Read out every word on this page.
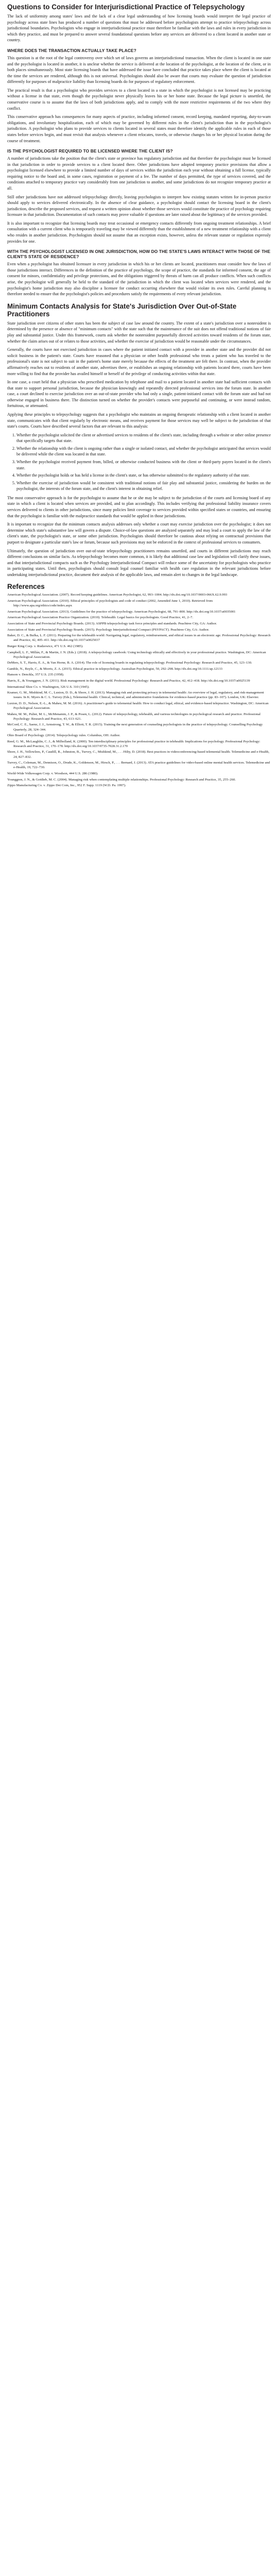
Questions to Consider for Interjurisdictional Practice of Telepsychology

The lack of uniformity among states' laws and the lack of a clear legal understanding of how licensing boards would interpret the legal practice of psychology across state lines has produced a number of questions that must be addressed before psychologists attempt to practice telepsychology across jurisdictional boundaries. Psychologists who engage in interjurisdictional practice must therefore be familiar with the laws and rules in every jurisdiction in which they practice, and must be prepared to answer several foundational questions before any services are delivered to a client located in another state or country.

WHERE DOES THE TRANSACTION ACTUALLY TAKE PLACE?

This question is at the root of the legal controversy over which set of laws governs an interjurisdictional transaction. When the client is located in one state and the psychologist is located in another, it is unclear whether the service is delivered at the location of the psychologist, at the location of the client, or in both places simultaneously. Most state licensing boards that have addressed the issue have concluded that practice takes place where the client is located at the time the services are rendered, although this is not universal. Psychologists should also be aware that courts may evaluate the question of jurisdiction differently for purposes of malpractice liability than licensing boards do for purposes of regulatory enforcement.

The practical result is that a psychologist who provides services to a client located in a state in which the psychologist is not licensed may be practicing without a license in that state, even though the psychologist never physically leaves his or her home state. Because the legal picture is unsettled, the conservative course is to assume that the laws of both jurisdictions apply, and to comply with the more restrictive requirements of the two where they conflict.

This conservative approach has consequences for many aspects of practice, including informed consent, record keeping, mandated reporting, duty-to-warn obligations, and involuntary hospitalization, each of which may be governed by different rules in the client's jurisdiction than in the psychologist's jurisdiction. A psychologist who plans to provide services to clients located in several states must therefore identify the applicable rules in each of those states before services begin, and must revisit that analysis whenever a client relocates, travels, or otherwise changes his or her physical location during the course of treatment.

IS THE PSYCHOLOGIST REQUIRED TO BE LICENSED WHERE THE CLIENT IS?

A number of jurisdictions take the position that the client's state or province has regulatory jurisdiction and that therefore the psychologist must be licensed in that jurisdiction in order to provide services to a client located there. Other jurisdictions have adopted temporary practice provisions that allow a psychologist licensed elsewhere to provide a limited number of days of services within the jurisdiction each year without obtaining a full license, typically requiring notice to the board and, in some cases, registration or payment of a fee. The number of days permitted, the type of services covered, and the conditions attached to temporary practice vary considerably from one jurisdiction to another, and some jurisdictions do not recognize temporary practice at all.

Still other jurisdictions have not addressed telepsychology directly, leaving psychologists to interpret how existing statutes written for in-person practice should apply to services delivered electronically. In the absence of clear guidance, a psychologist should contact the licensing board in the client's jurisdiction, describe the proposed services, and request a written opinion about whether those services would constitute the practice of psychology requiring licensure in that jurisdiction. Documentation of such contacts may prove valuable if questions are later raised about the legitimacy of the services provided.

It is also important to recognize that licensing boards may treat occasional or emergency contacts differently from ongoing treatment relationships. A brief consultation with a current client who is temporarily traveling may be viewed differently than the establishment of a new treatment relationship with a client who resides in another jurisdiction. Psychologists should not assume that an exception exists, however, unless the relevant statute or regulation expressly provides for one.

WITH THE PSYCHOLOGIST LICENSED IN ONE JURISDICTION, HOW DO THE STATE'S LAWS INTERACT WITH THOSE OF THE CLIENT'S STATE OF RESIDENCE?

Even when a psychologist has obtained licensure in every jurisdiction in which his or her clients are located, practitioners must consider how the laws of those jurisdictions interact. Differences in the definition of the practice of psychology, the scope of practice, the standards for informed consent, the age of consent for minors, confidentiality and privilege protections, and the obligations triggered by threats of harm can all produce conflicts. When such conflicts arise, the psychologist will generally be held to the standard of the jurisdiction in which the client was located when services were rendered, and the psychologist's home jurisdiction may also discipline a licensee for conduct occurring elsewhere that would violate its own rules. Careful planning is therefore needed to ensure that the psychologist's policies and procedures satisfy the requirements of every relevant jurisdiction.

Minimum Contacts Analysis for State's Jurisdiction Over Out-of-State Practitioners

State jurisdiction over citizens of other states has been the subject of case law around the country. The extent of a state's jurisdiction over a nonresident is determined by the presence or absence of "minimum contacts" with the state such that the maintenance of the suit does not offend traditional notions of fair play and substantial justice. Under this framework, courts ask whether the nonresident purposefully directed activities toward residents of the forum state, whether the claim arises out of or relates to those activities, and whether the exercise of jurisdiction would be reasonable under the circumstances.

Generally, the courts have not exercised jurisdiction in cases where the patient initiated contact with a provider in another state and the provider did not solicit business in the patient's state. Courts have reasoned that a physician or other health professional who treats a patient who has traveled to the professional's state is not subject to suit in the patient's home state merely because the effects of the treatment are felt there. In contrast, when the provider affirmatively reaches out to residents of another state, advertises there, or establishes an ongoing relationship with patients located there, courts have been more willing to find that the provider has availed himself or herself of the privilege of conducting activities within that state.

In one case, a court held that a physician who prescribed medication by telephone and mail to a patient located in another state had sufficient contacts with that state to support personal jurisdiction, because the physician knowingly and repeatedly directed professional services into the forum state. In another case, a court declined to exercise jurisdiction over an out-of-state provider who had only a single, patient-initiated contact with the forum state and had not otherwise engaged in business there. The distinction turned on whether the provider's contacts were purposeful and continuing, or were instead random, fortuitous, or attenuated.

Applying these principles to telepsychology suggests that a psychologist who maintains an ongoing therapeutic relationship with a client located in another state, communicates with that client regularly by electronic means, and receives payment for those services may well be subject to the jurisdiction of that state's courts. Courts have described several factors that are relevant to this analysis:

1. Whether the psychologist solicited the client or advertised services to residents of the client's state, including through a website or other online presence that specifically targets that state.
2. Whether the relationship with the client is ongoing rather than a single or isolated contact, and whether the psychologist anticipated that services would be delivered while the client was located in that state.
3. Whether the psychologist received payment from, billed, or otherwise conducted business with the client or third-party payers located in the client's state.
4. Whether the psychologist holds or has held a license in the client's state, or has otherwise submitted to the regulatory authority of that state.
5. Whether the exercise of jurisdiction would be consistent with traditional notions of fair play and substantial justice, considering the burden on the psychologist, the interests of the forum state, and the client's interest in obtaining relief.

The most conservative approach is for the psychologist to assume that he or she may be subject to the jurisdiction of the courts and licensing board of any state in which a client is located when services are provided, and to plan accordingly. This includes verifying that professional liability insurance covers services delivered to clients in other jurisdictions, since many policies limit coverage to services provided within specified states or countries, and ensuring that the psychologist is familiar with the malpractice standards that would be applied in those jurisdictions.

It is important to recognize that the minimum contacts analysis addresses only whether a court may exercise jurisdiction over the psychologist; it does not determine which state's substantive law will govern a dispute. Choice-of-law questions are analyzed separately and may lead a court to apply the law of the client's state, the psychologist's state, or some other jurisdiction. Psychologists should therefore be cautious about relying on contractual provisions that purport to designate a particular state's law or forum, because such provisions may not be enforced in the context of professional services to consumers.

Ultimately, the question of jurisdiction over out-of-state telepsychology practitioners remains unsettled, and courts in different jurisdictions may reach different conclusions on similar facts. As telepsychology becomes more common, it is likely that additional case law and legislation will clarify these issues, and that interjurisdictional compacts such as the Psychology Interjurisdictional Compact will reduce some of the uncertainty for psychologists who practice in participating states. Until then, psychologists should consult legal counsel familiar with health care regulation in the relevant jurisdictions before undertaking interjurisdictional practice, document their analysis of the applicable laws, and remain alert to changes in the legal landscape.

References

American Psychological Association. (2007). Record keeping guidelines. American Psychologist, 62, 993–1004. http://dx.doi.org/10.1037/0003-066X.62.9.993

American Psychological Association. (2010). Ethical principles of psychologists and code of conduct (2002, Amended June 1, 2010). Retrieved from http://www.apa.org/ethics/code/index.aspx

American Psychological Association. (2013). Guidelines for the practice of telepsychology. American Psychologist, 68, 791–800. http://dx.doi.org/10.1037/a0035001

American Psychological Association Practice Organization. (2010). Telehealth: Legal basics for psychologists. Good Practice, 41, 2–7.

Association of State and Provincial Psychology Boards. (2013). ASPPB telepsychology task force principles and standards. Peachtree City, GA: Author.

Association of State and Provincial Psychology Boards. (2015). Psychology Interjurisdictional Compact (PSYPACT). Peachtree City, GA: Author.

Baker, D. C., & Bufka, L. F. (2011). Preparing for the telehealth world: Navigating legal, regulatory, reimbursement, and ethical issues in an electronic age. Professional Psychology: Research and Practice, 42, 405–411. http://dx.doi.org/10.1037/a0025037

Burger King Corp. v. Rudzewicz, 471 U.S. 462 (1985).

Campbell, L. F., Millán, F., & Martin, J. N. (Eds.). (2018). A telepsychology casebook: Using technology ethically and effectively in your professional practice. Washington, DC: American Psychological Association.

DeMers, S. T., Harris, E. A., & Van Horne, B. A. (2014). The role of licensing boards in regulating telepsychology. Professional Psychology: Research and Practice, 45, 123–130.

Gamble, N., Boyle, C., & Morris, Z. A. (2015). Ethical practice in telepsychology. Australian Psychologist, 50, 292–298. http://dx.doi.org/10.1111/ap.12133

Hanson v. Denckla, 357 U.S. 235 (1958).

Harris, E., & Younggren, J. N. (2011). Risk management in the digital world. Professional Psychology: Research and Practice, 42, 412–418. http://dx.doi.org/10.1037/a0025139

International Shoe Co. v. Washington, 326 U.S. 310 (1945).

Kramer, G. M., Mishkind, M. C., Luxton, D. D., & Shore, J. H. (2013). Managing risk and protecting privacy in telemental health: An overview of legal, regulatory, and risk-management issues. In K. Myers & C. L. Turvey (Eds.), Telemental health: Clinical, technical, and administrative foundations for evidence-based practice (pp. 83–107). London, UK: Elsevier.

Luxton, D. D., Nelson, E.-L., & Maheu, M. M. (2016). A practitioner's guide to telemental health: How to conduct legal, ethical, and evidence-based telepractice. Washington, DC: American Psychological Association.

Maheu, M. M., Pulier, M. L., McMenamin, J. P., & Posen, L. (2012). Future of telepsychology, telehealth, and various technologies in psychological research and practice. Professional Psychology: Research and Practice, 43, 613–621.

McCord, C. E., Saenz, J. J., Armstrong, T. W., & Elliott, T. R. (2015). Training the next generation of counseling psychologists in the practice of telepsychology. Counselling Psychology Quarterly, 28, 324–344.

Ohio Board of Psychology. (2014). Telepsychology rules. Columbus, OH: Author.

Reed, G. M., McLaughlin, C. J., & Milholland, K. (2000). Ten interdisciplinary principles for professional practice in telehealth: Implications for psychology. Professional Psychology: Research and Practice, 31, 170–178. http://dx.doi.org/10.1037/0735-7028.31.2.170

Shore, J. H., Yellowlees, P., Caudill, R., Johnston, B., Turvey, C., Mishkind, M., . . . Hilty, D. (2018). Best practices in videoconferencing-based telemental health. Telemedicine and e-Health, 24, 827–832.

Turvey, C., Coleman, M., Dennison, O., Drude, K., Goldenson, M., Hirsch, P., . . . Bernard, J. (2013). ATA practice guidelines for video-based online mental health services. Telemedicine and e-Health, 19, 722–730.

World-Wide Volkswagen Corp. v. Woodson, 444 U.S. 286 (1980).

Younggren, J. N., & Gottlieb, M. C. (2004). Managing risk when contemplating multiple relationships. Professional Psychology: Research and Practice, 35, 255–260.

Zippo Manufacturing Co. v. Zippo Dot Com, Inc., 952 F. Supp. 1119 (W.D. Pa. 1997).
